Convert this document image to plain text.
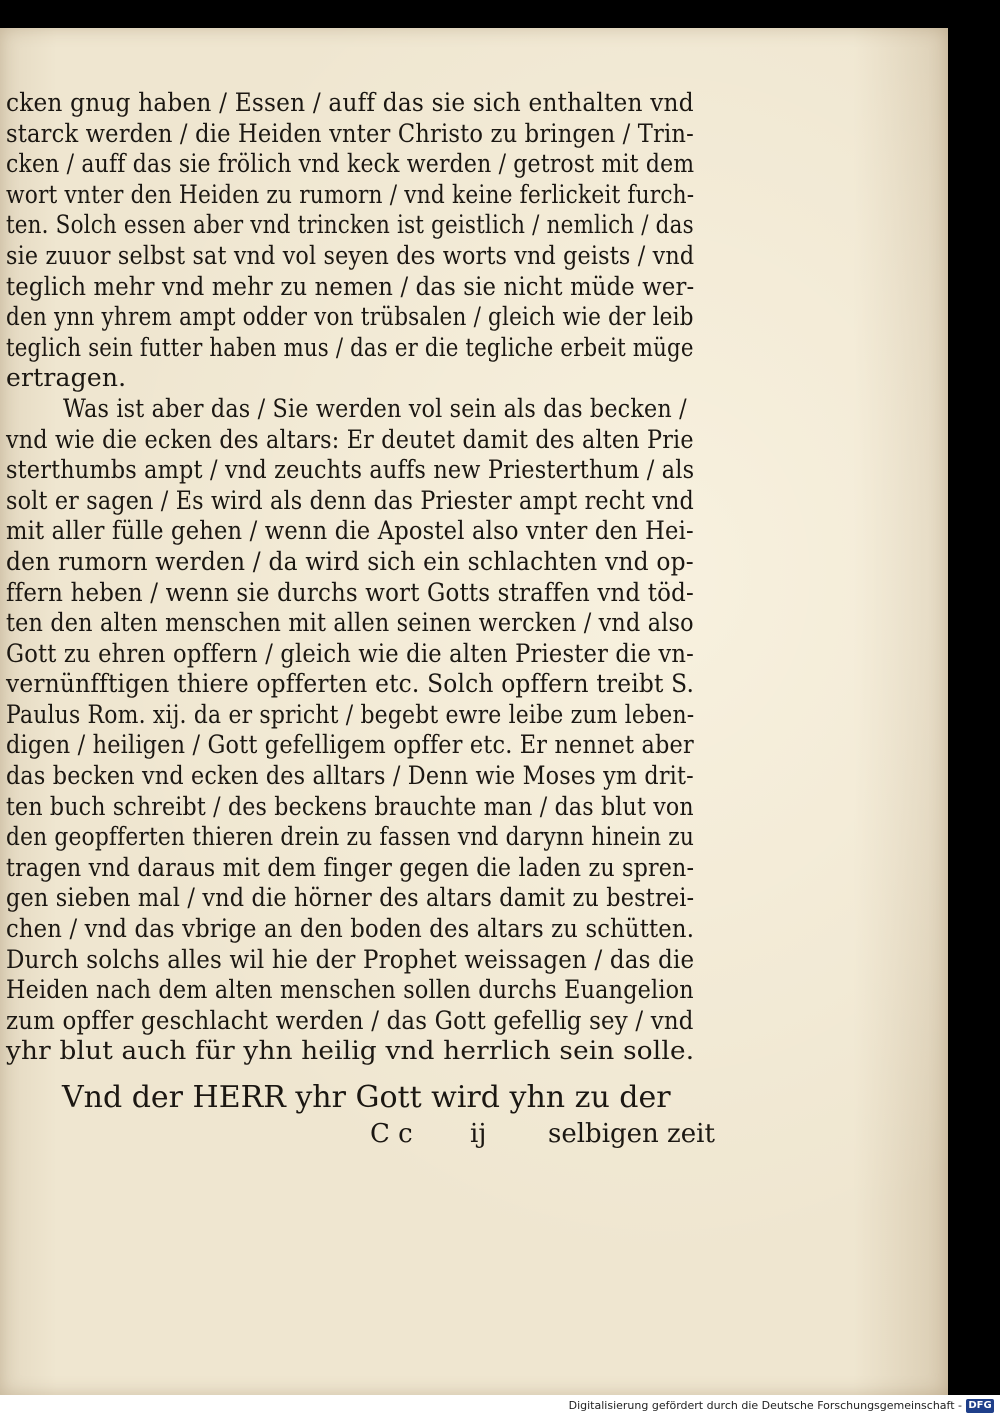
cken gnug haben / Essen / auff das sie sich enthalten vnd
starck werden / die Heiden vnter Christo zu bringen / Trin-
cken / auff das sie frölich vnd keck werden / getrost mit dem
wort vnter den Heiden zu rumorn / vnd keine ferlickeit furch-
ten. Solch essen aber vnd trincken ist geistlich / nemlich / das
sie zuuor selbst sat vnd vol seyen des worts vnd geists / vnd
teglich mehr vnd mehr zu nemen / das sie nicht müde wer-
den ynn yhrem ampt odder von trübsalen / gleich wie der leib
teglich sein futter haben mus / das er die tegliche erbeit müge
ertragen.
Was ist aber das / Sie werden vol sein als das becken /
vnd wie die ecken des altars: Er deutet damit des alten Prie
sterthumbs ampt / vnd zeuchts auffs new Priesterthum / als
solt er sagen / Es wird als denn das Priester ampt recht vnd
mit aller fülle gehen / wenn die Apostel also vnter den Hei-
den rumorn werden / da wird sich ein schlachten vnd op-
ffern heben / wenn sie durchs wort Gotts straffen vnd töd-
ten den alten menschen mit allen seinen wercken / vnd also
Gott zu ehren opffern / gleich wie die alten Priester die vn-
vernünfftigen thiere opfferten etc. Solch opffern treibt S.
Paulus Rom. xij. da er spricht / begebt ewre leibe zum leben-
digen / heiligen / Gott gefelligem opffer etc. Er nennet aber
das becken vnd ecken des alltars / Denn wie Moses ym drit-
ten buch schreibt / des beckens brauchte man / das blut von
den geopfferten thieren drein zu fassen vnd darynn hinein zu
tragen vnd daraus mit dem finger gegen die laden zu spren-
gen sieben mal / vnd die hörner des altars damit zu bestrei-
chen / vnd das vbrige an den boden des altars zu schütten.
Durch solchs alles wil hie der Prophet weissagen / das die
Heiden nach dem alten menschen sollen durchs Euangelion
zum opffer geschlacht werden / das Gott gefellig sey / vnd
yhr blut auch für yhn heilig vnd herrlich sein solle.
Vnd der HERR yhr Gott wird yhn zu der
C c ij selbigen zeit
Digitalisierung gefördert durch die Deutsche Forschungsgemeinschaft - DFG
